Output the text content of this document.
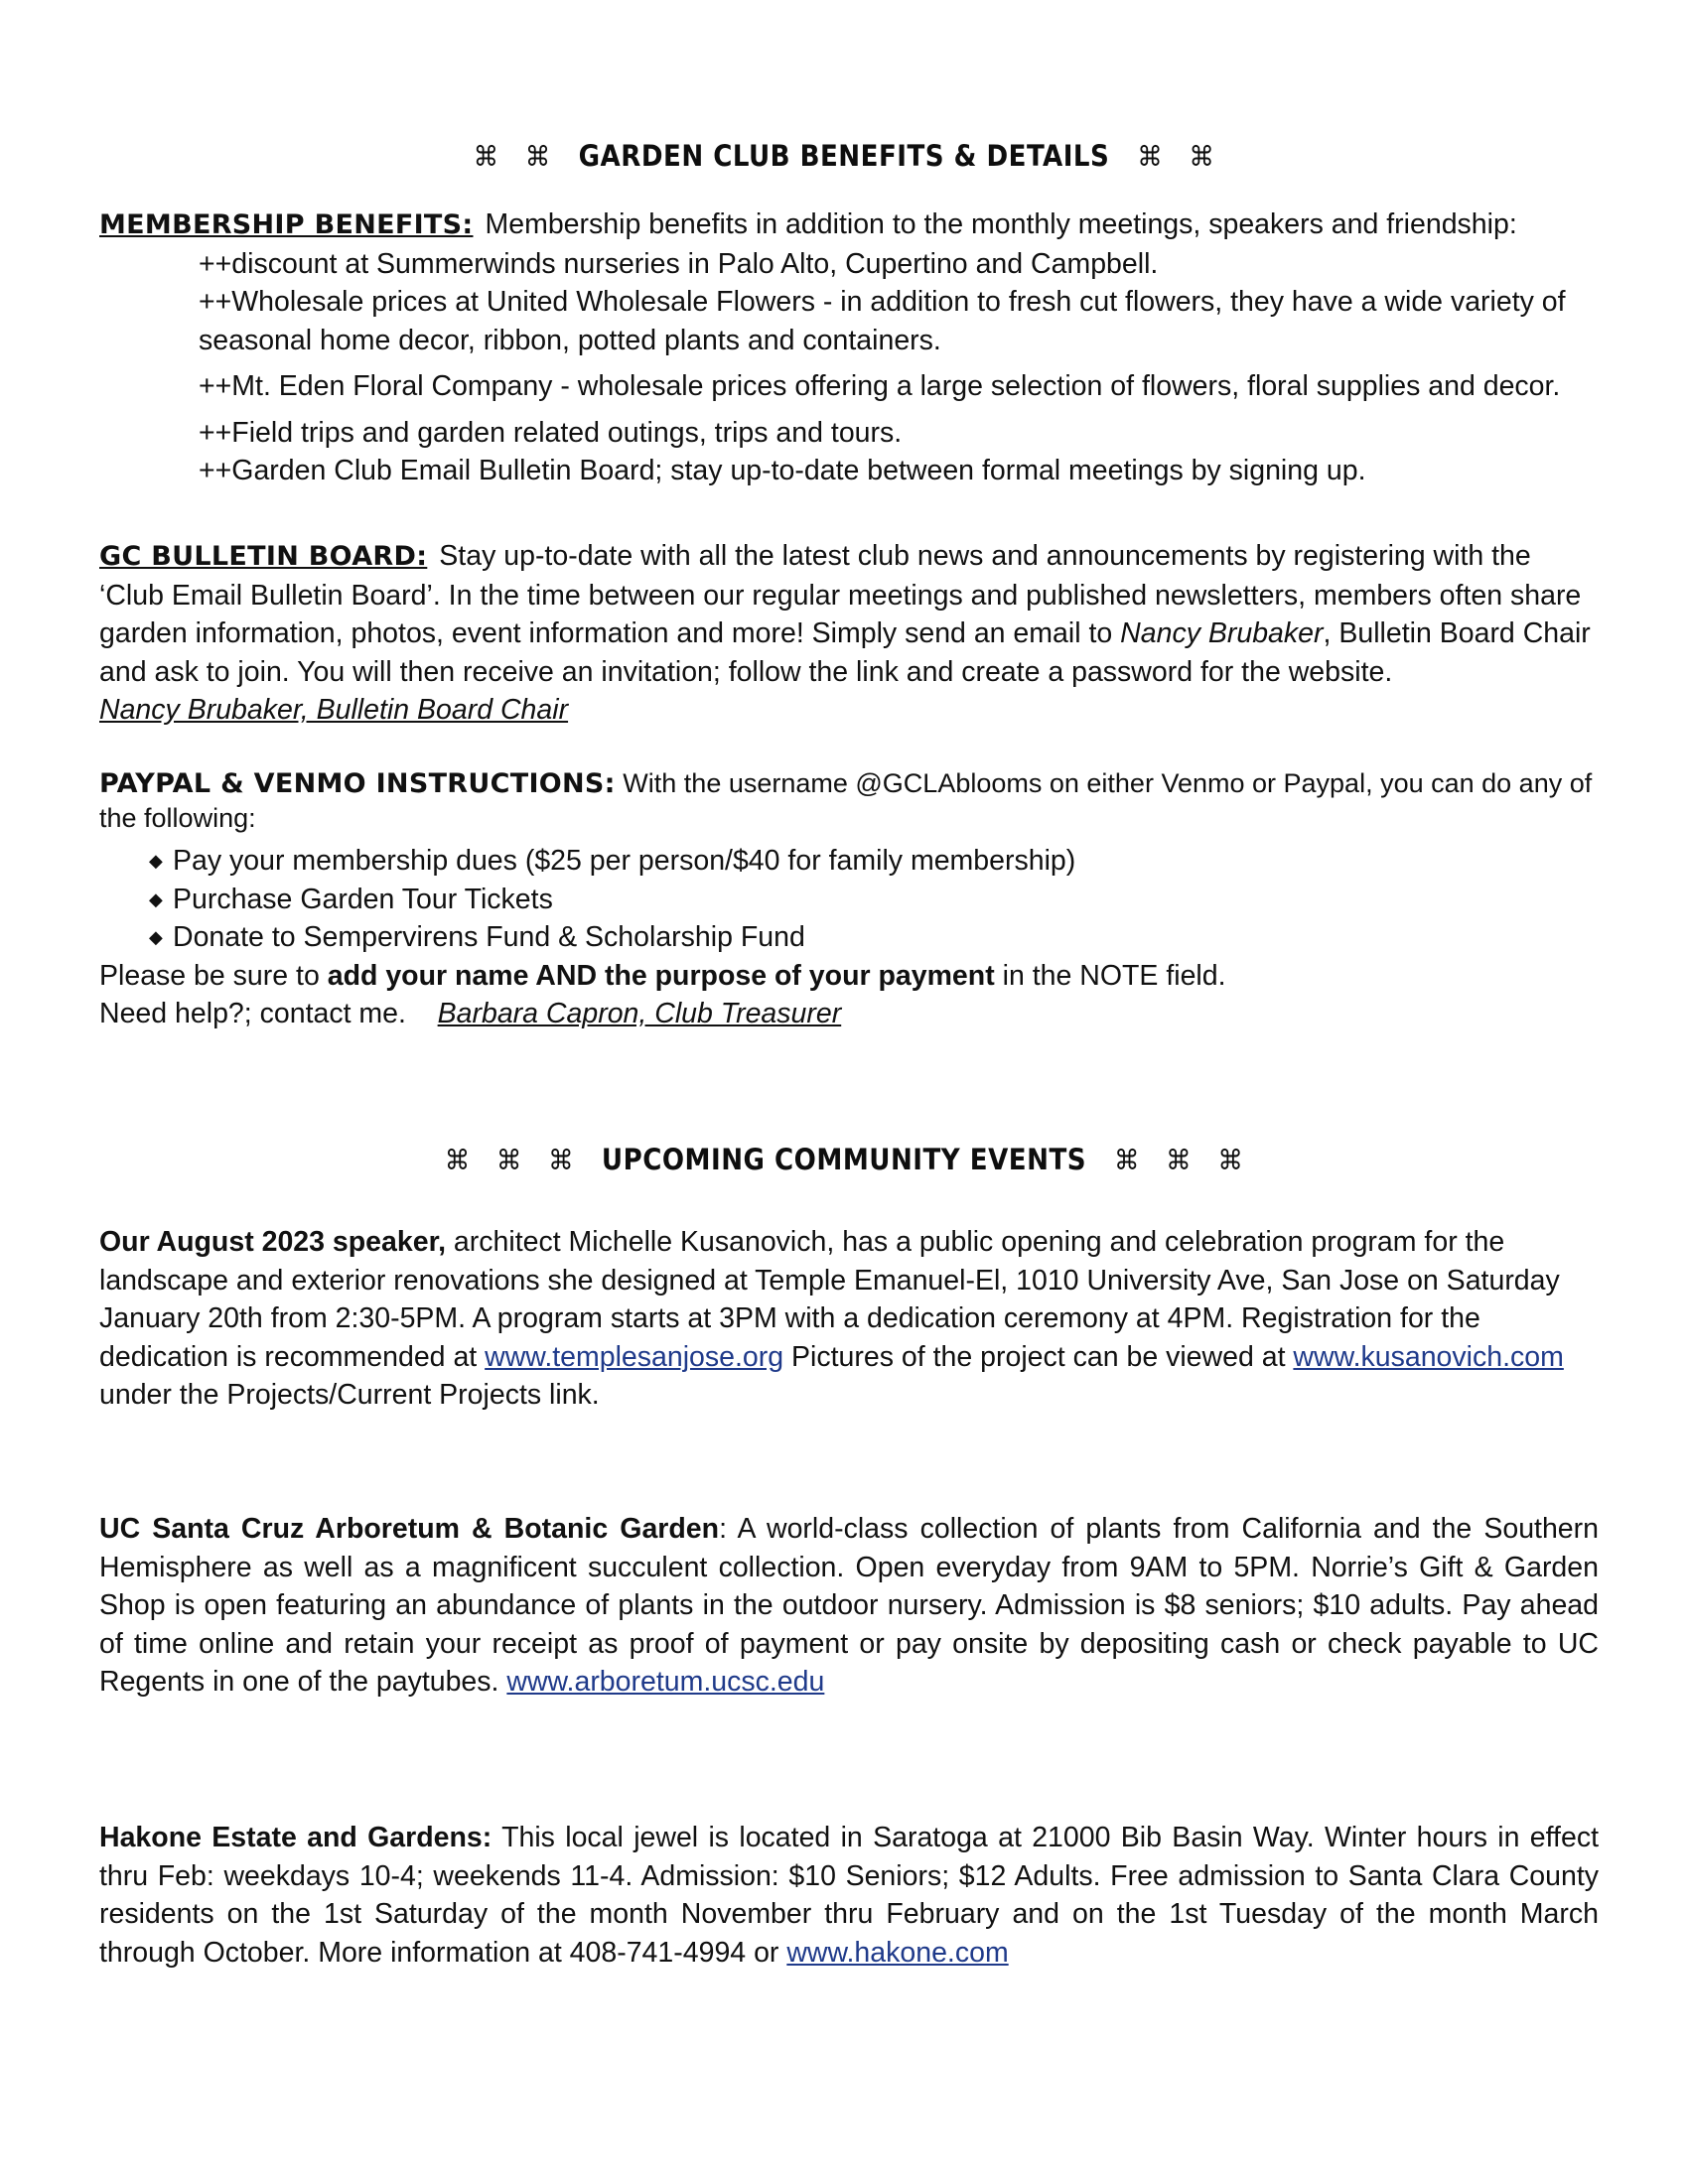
⌘ ⌘ GARDEN CLUB BENEFITS & DETAILS ⌘ ⌘
MEMBERSHIP BENEFITS: Membership benefits in addition to the monthly meetings, speakers and friendship:

++discount at Summerwinds nurseries in Palo Alto, Cupertino and Campbell.

++Wholesale prices at United Wholesale Flowers - in addition to fresh cut flowers, they have a wide variety of seasonal home decor, ribbon, potted plants and containers.

++Mt. Eden Floral Company - wholesale prices offering a large selection of flowers, floral supplies and decor.

++Field trips and garden related outings, trips and tours.

++Garden Club Email Bulletin Board; stay up-to-date between formal meetings by signing up.

GC BULLETIN BOARD: Stay up-to-date with all the latest club news and announcements by registering with the ‘Club Email Bulletin Board’. In the time between our regular meetings and published newsletters, members often share garden information, photos, event information and more! Simply send an email to Nancy Brubaker, Bulletin Board Chair and ask to join. You will then receive an invitation; follow the link and create a password for the website.
Nancy Brubaker, Bulletin Board Chair
PAYPAL & VENMO INSTRUCTIONS: With the username @GCLAblooms on either Venmo or Paypal, you can do any of the following:
◆ Pay your membership dues ($25 per person/$40 for family membership)
◆ Purchase Garden Tour Tickets
◆ Donate to Sempervirens Fund & Scholarship Fund
Please be sure to add your name AND the purpose of your payment in the NOTE field.
Need help?; contact me. Barbara Capron, Club Treasurer
⌘ ⌘ ⌘ UPCOMING COMMUNITY EVENTS ⌘ ⌘ ⌘
Our August 2023 speaker, architect Michelle Kusanovich, has a public opening and celebration program for the landscape and exterior renovations she designed at Temple Emanuel-El, 1010 University Ave, San Jose on Saturday January 20th from 2:30-5PM. A program starts at 3PM with a dedication ceremony at 4PM. Registration for the dedication is recommended at www.templesanjose.org Pictures of the project can be viewed at www.kusanovich.com under the Projects/Current Projects link.
UC Santa Cruz Arboretum & Botanic Garden: A world-class collection of plants from California and the Southern Hemisphere as well as a magnificent succulent collection. Open everyday from 9AM to 5PM. Norrie’s Gift & Garden Shop is open featuring an abundance of plants in the outdoor nursery. Admission is $8 seniors; $10 adults. Pay ahead of time online and retain your receipt as proof of payment or pay onsite by depositing cash or check payable to UC Regents in one of the paytubes. www.arboretum.ucsc.edu
Hakone Estate and Gardens: This local jewel is located in Saratoga at 21000 Bib Basin Way. Winter hours in effect thru Feb: weekdays 10-4; weekends 11-4. Admission: $10 Seniors; $12 Adults. Free admission to Santa Clara County residents on the 1st Saturday of the month November thru February and on the 1st Tuesday of the month March through October. More information at 408-741-4994 or www.hakone.com
